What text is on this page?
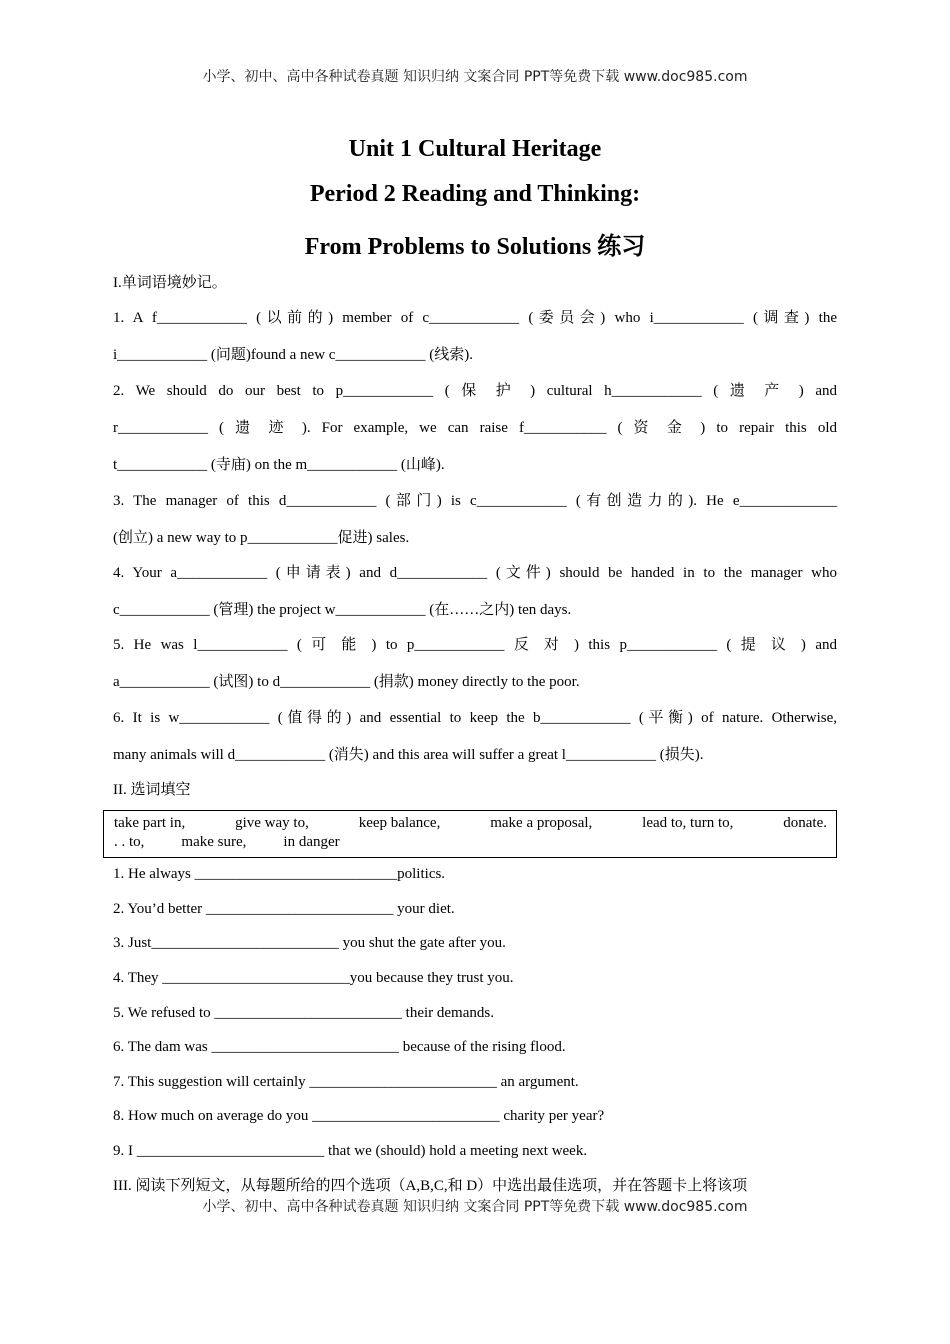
小学、初中、高中各种试卷真题 知识归纳 文案合同 PPT等免费下载 www.doc985.com
Unit 1 Cultural Heritage
Period 2 Reading and Thinking:
From Problems to Solutions 练习
I.单词语境妙记。
1. A f____________ (以前的) member of c____________ (委员会) who i____________ (调查) the
i____________ (问题)found a new c____________ (线索).
2. We should do our best to p____________ ( 保 护 ) cultural h____________ ( 遗 产 ) and
r____________ ( 遗 迹 ). For example, we can raise f___________ ( 资 金 ) to repair this old
t____________ (寺庙) on the m____________ (山峰).
3. The manager of this d____________ (部门) is c____________ (有创造力的). He e_____________
(创立) a new way to p____________促进) sales.
4. Your a____________ (申请表) and d____________ (文件) should be handed in to the manager who
c____________ (管理) the project w____________ (在……之内) ten days.
5. He was l____________ ( 可 能 ) to p____________ 反 对 ) this p____________ ( 提 议 ) and
a____________ (试图) to d____________ (捐款) money directly to the poor.
6. It is w____________ (值得的) and essential to keep the b____________ (平衡) of nature. Otherwise,
many animals will d____________ (消失) and this area will suffer a great l____________ (损失).
II. 选词填空
1. He always ___________________________politics.
2. You’d better _________________________ your diet.
3. Just_________________________ you shut the gate after you.
4. They _________________________you because they trust you.
5. We refused to _________________________ their demands.
6. The dam was _________________________ because of the rising flood.
7. This suggestion will certainly _________________________ an argument.
8. How much on average do you _________________________ charity per year?
9. I _________________________ that we (should) hold a meeting next week.
III. 阅读下列短文，从每题所给的四个选项（A,B,C,和 D）中选出最佳选项，并在答题卡上将该项
take part in,	give way to,	keep balance,	make a proposal,	lead to, turn to,	donate.
. . to, make sure, in danger
小学、初中、高中各种试卷真题 知识归纳 文案合同 PPT等免费下载 www.doc985.com
